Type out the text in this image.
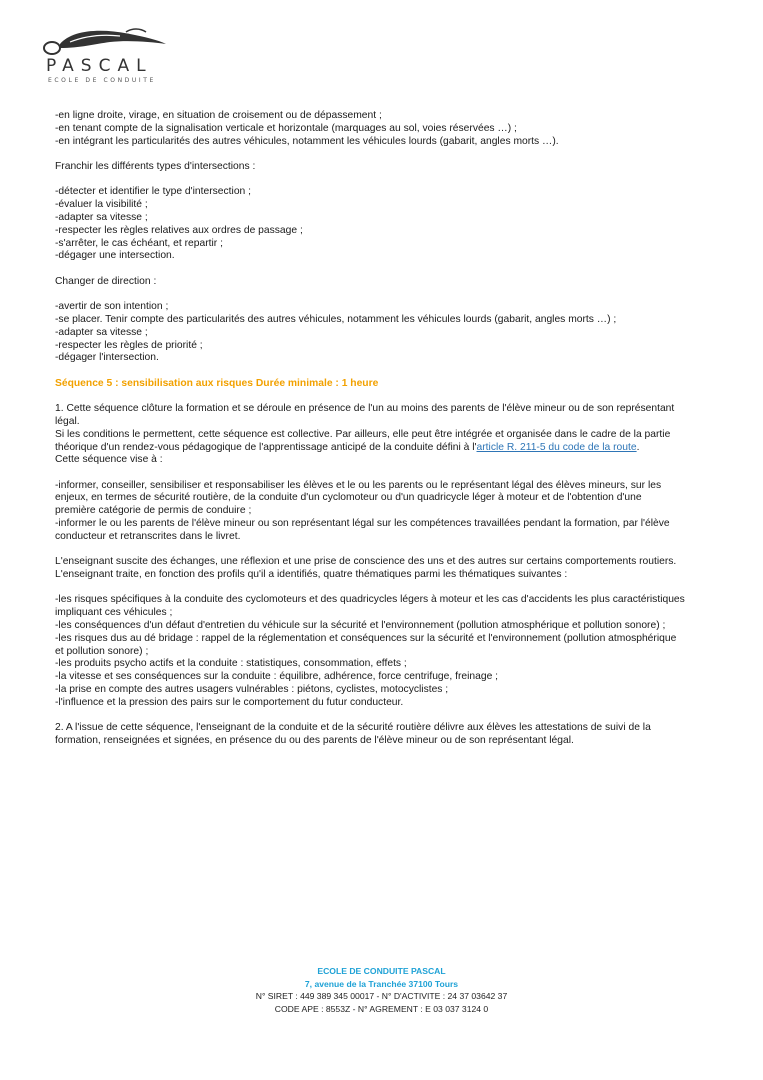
PASCAL
ECOLE DE CONDUITE
-en ligne droite, virage, en situation de croisement ou de dépassement ;
-en tenant compte de la signalisation verticale et horizontale (marquages au sol, voies réservées …) ;
-en intégrant les particularités des autres véhicules, notamment les véhicules lourds (gabarit, angles morts …).
Franchir les différents types d'intersections :
-détecter et identifier le type d'intersection ;
-évaluer la visibilité ;
-adapter sa vitesse ;
-respecter les règles relatives aux ordres de passage ;
-s'arrêter, le cas échéant, et repartir ;
-dégager une intersection.
Changer de direction :
-avertir de son intention ;
-se placer. Tenir compte des particularités des autres véhicules, notamment les véhicules lourds (gabarit, angles morts …) ;
-adapter sa vitesse ;
-respecter les règles de priorité ;
-dégager l'intersection.
Séquence 5 : sensibilisation aux risques Durée minimale : 1 heure
1. Cette séquence clôture la formation et se déroule en présence de l'un au moins des parents de l'élève mineur ou de son représentant
légal.
Si les conditions le permettent, cette séquence est collective. Par ailleurs, elle peut être intégrée et organisée dans le cadre de la partie
théorique d'un rendez-vous pédagogique de l'apprentissage anticipé de la conduite défini à l'article R. 211-5 du code de la route.
Cette séquence vise à :
-informer, conseiller, sensibiliser et responsabiliser les élèves et le ou les parents ou le représentant légal des élèves mineurs, sur les
enjeux, en termes de sécurité routière, de la conduite d'un cyclomoteur ou d'un quadricycle léger à moteur et de l'obtention d'une
première catégorie de permis de conduire ;
-informer le ou les parents de l'élève mineur ou son représentant légal sur les compétences travaillées pendant la formation, par l'élève
conducteur et retranscrites dans le livret.
L'enseignant suscite des échanges, une réflexion et une prise de conscience des uns et des autres sur certains comportements routiers.
L'enseignant traite, en fonction des profils qu'il a identifiés, quatre thématiques parmi les thématiques suivantes :
-les risques spécifiques à la conduite des cyclomoteurs et des quadricycles légers à moteur et les cas d'accidents les plus caractéristiques
impliquant ces véhicules ;
-les conséquences d'un défaut d'entretien du véhicule sur la sécurité et l'environnement (pollution atmosphérique et pollution sonore) ;
-les risques dus au dé bridage : rappel de la réglementation et conséquences sur la sécurité et l'environnement (pollution atmosphérique
et pollution sonore) ;
-les produits psycho actifs et la conduite : statistiques, consommation, effets ;
-la vitesse et ses conséquences sur la conduite : équilibre, adhérence, force centrifuge, freinage ;
-la prise en compte des autres usagers vulnérables : piétons, cyclistes, motocyclistes ;
-l'influence et la pression des pairs sur le comportement du futur conducteur.
2. A l'issue de cette séquence, l'enseignant de la conduite et de la sécurité routière délivre aux élèves les attestations de suivi de la
formation, renseignées et signées, en présence du ou des parents de l'élève mineur ou de son représentant légal.
ECOLE DE CONDUITE PASCAL
7, avenue de la Tranchée 37100 Tours
N° SIRET : 449 389 345 00017 - N° D'ACTIVITE : 24 37 03642 37
CODE APE : 8553Z - N° AGREMENT : E 03 037 3124 0
